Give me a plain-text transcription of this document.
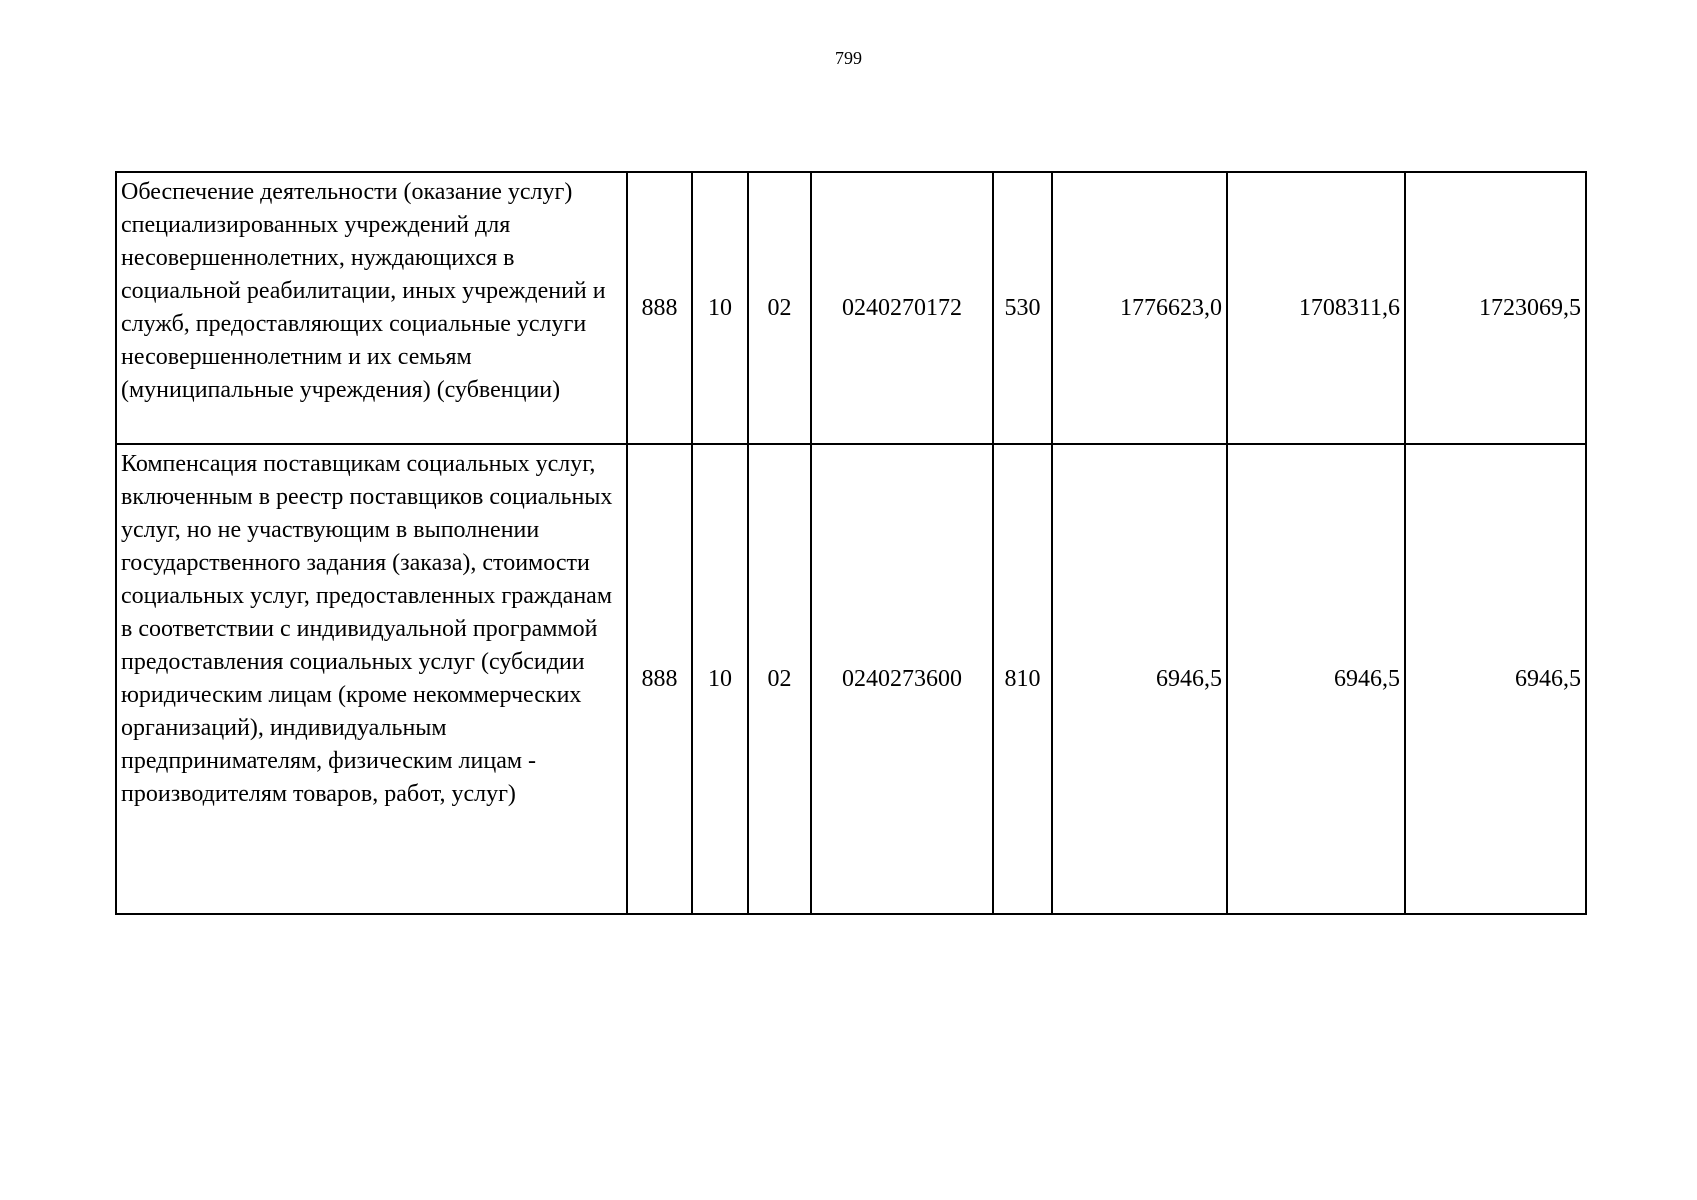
799
Обеспечение деятельности (оказание услуг) специализированных учреждений для несовершеннолетних, нуждающихся в социальной реабилитации, иных учреждений и служб, предоставляющих социальные услуги несовершеннолетним и их семьям (муниципальные учреждения) (субвенции)	888	10	02	0240270172	530	1776623,0	1708311,6	1723069,5
Компенсация поставщикам социальных услуг, включенным в реестр поставщиков социальных услуг, но не участвующим в выполнении государственного задания (заказа), стоимости социальных услуг, предоставленных гражданам в соответствии с индивидуальной программой предоставления социальных услуг (субсидии юридическим лицам (кроме некоммерческих организаций), индивидуальным предпринимателям, физическим лицам - производителям товаров, работ, услуг)	888	10	02	0240273600	810	6946,5	6946,5	6946,5
